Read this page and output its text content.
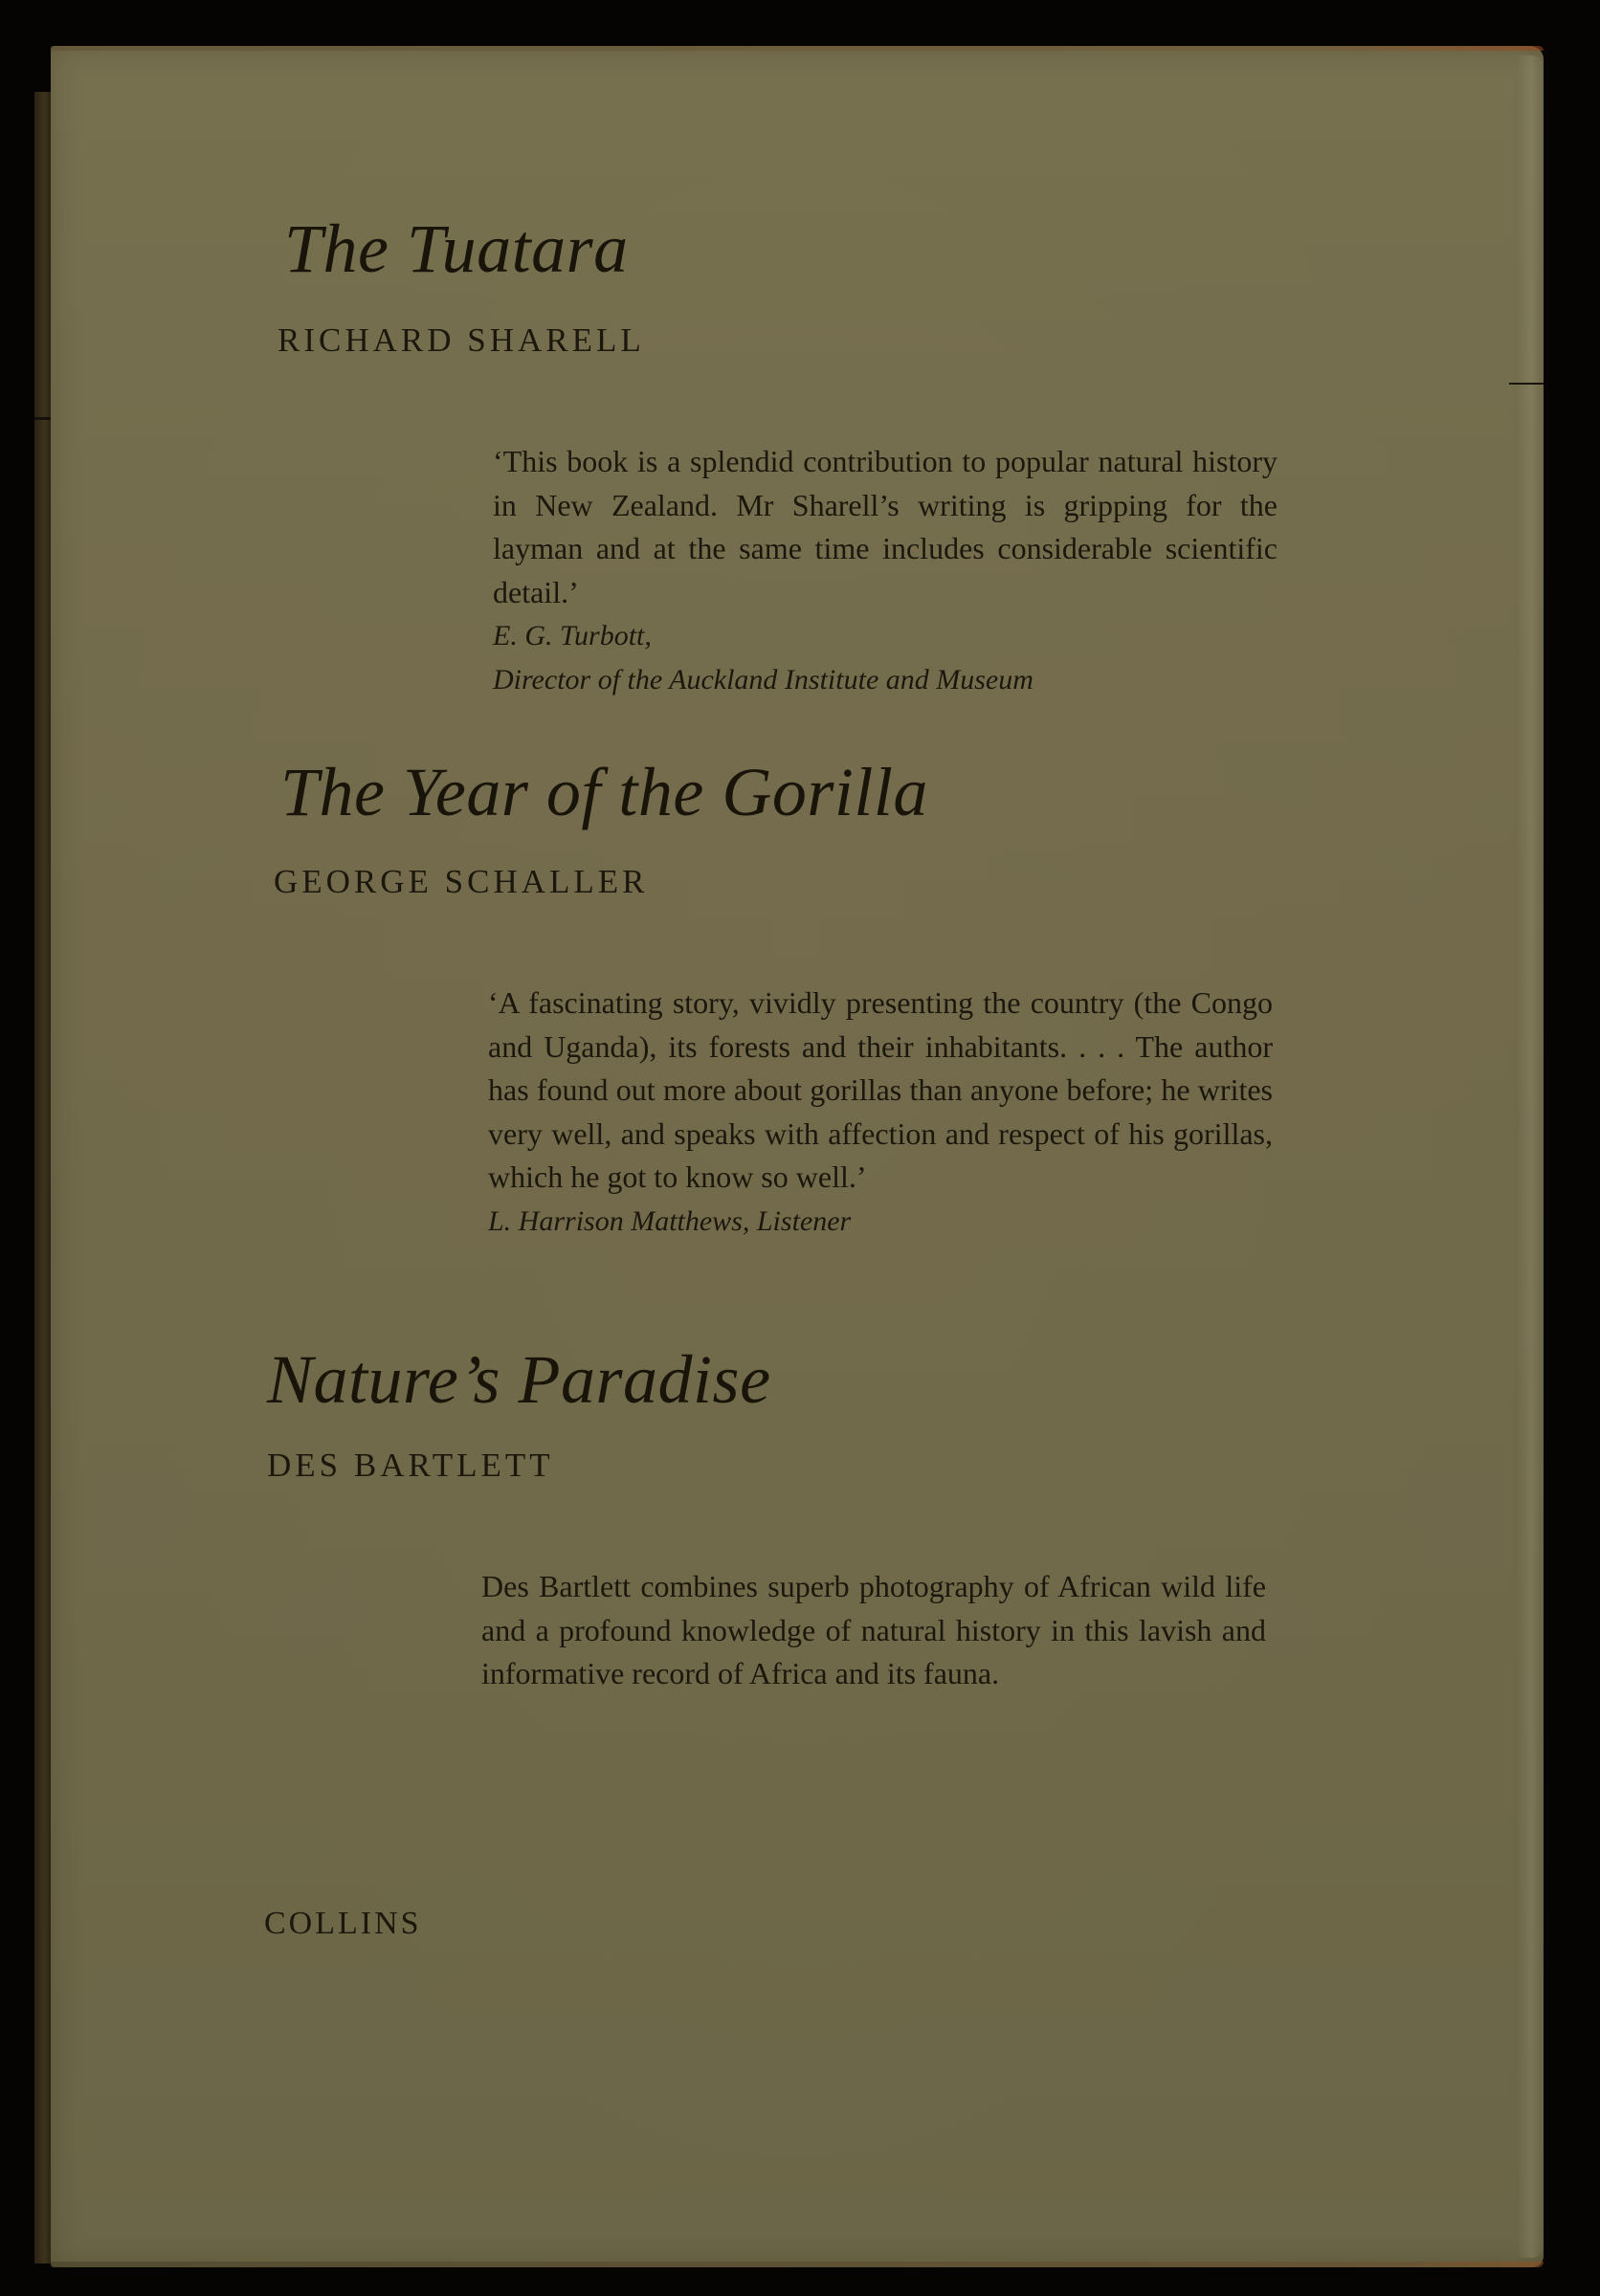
The Tuatara
RICHARD SHARELL

‘This book is a splendid contribution to popular natural history in New Zealand. Mr Sharell’s writing is gripping for the layman and at the same time includes considerable scientific detail.’

E. G. Turbott,

Director of the Auckland Institute and Museum

The Year of the Gorilla
GEORGE SCHALLER

‘A fascinating story, vividly presenting the country (the Congo and Uganda), its forests and their inhabitants. . . . The author has found out more about gorillas than anyone before; he writes very well, and speaks with affection and respect of his gorillas, which he got to know so well.’

L. Harrison Matthews, Listener

Nature’s Paradise
DES BARTLETT

Des Bartlett combines superb photography of African wild life and a profound knowledge of natural history in this lavish and informative record of Africa and its fauna.

COLLINS
